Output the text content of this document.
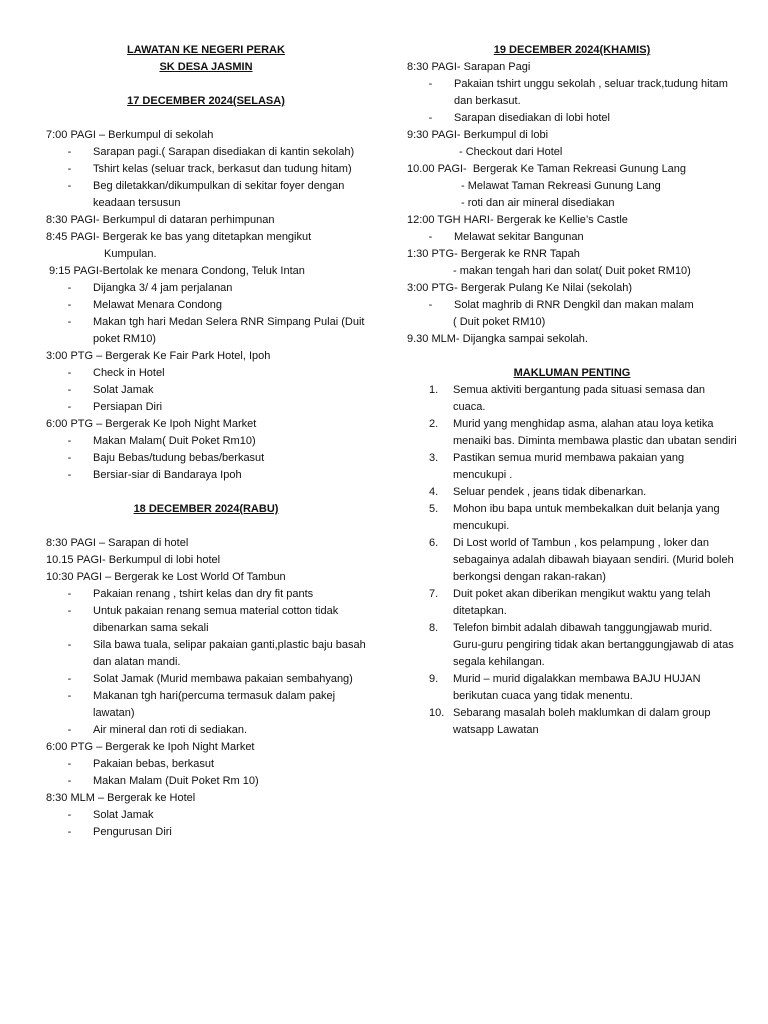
LAWATAN KE NEGERI PERAK
SK DESA JASMIN
17 DECEMBER 2024(SELASA)
7:00 PAGI – Berkumpul di sekolah
-	Sarapan pagi.( Sarapan disediakan di kantin sekolah)
-	Tshirt kelas (seluar track, berkasut dan tudung hitam)
-	Beg diletakkan/dikumpulkan di sekitar foyer dengan keadaan tersusun
8:30 PAGI- Berkumpul di dataran perhimpunan
8:45 PAGI- Bergerak ke bas yang ditetapkan mengikut
Kumpulan.
9:15 PAGI-Bertolak ke menara Condong, Teluk Intan
-	Dijangka 3/ 4 jam perjalanan
-	Melawat Menara Condong
-	Makan tgh hari Medan Selera RNR Simpang Pulai (Duit poket RM10)
3:00 PTG – Bergerak Ke Fair Park Hotel, Ipoh
-	Check in Hotel
-	Solat Jamak
-	Persiapan Diri
6:00 PTG – Bergerak Ke Ipoh Night Market
-	Makan Malam( Duit Poket Rm10)
-	Baju Bebas/tudung bebas/berkasut
-	Bersiar-siar di Bandaraya Ipoh
18 DECEMBER 2024(RABU)
8:30 PAGI – Sarapan di hotel
10.15 PAGI- Berkumpul di lobi hotel
10:30 PAGI – Bergerak ke Lost World Of Tambun
-	Pakaian renang , tshirt kelas dan dry fit pants
-	Untuk pakaian renang semua material cotton tidak dibenarkan sama sekali
-	Sila bawa tuala, selipar pakaian ganti,plastic baju basah dan alatan mandi.
-	Solat Jamak (Murid membawa pakaian sembahyang)
-	Makanan tgh hari(percuma termasuk dalam pakej lawatan)
-	Air mineral dan roti di sediakan.
6:00 PTG – Bergerak ke Ipoh Night Market
-	Pakaian bebas, berkasut
-	Makan Malam (Duit Poket Rm 10)
8:30 MLM – Bergerak ke Hotel
-	Solat Jamak
-	Pengurusan Diri
19 DECEMBER 2024(KHAMIS)
8:30 PAGI- Sarapan Pagi
-	Pakaian tshirt unggu sekolah , seluar track,tudung hitam dan berkasut.
-	Sarapan disediakan di lobi hotel
9:30 PAGI- Berkumpul di lobi
- Checkout dari Hotel
10.00 PAGI-  Bergerak Ke Taman Rekreasi Gunung Lang
- Melawat Taman Rekreasi Gunung Lang
- roti dan air mineral disediakan
12:00 TGH HARI- Bergerak ke Kellie’s Castle
-	Melawat sekitar Bangunan
1:30 PTG- Bergerak ke RNR Tapah
- makan tengah hari dan solat( Duit poket RM10)
3:00 PTG- Bergerak Pulang Ke Nilai (sekolah)
-	Solat maghrib di RNR Dengkil dan makan malam
( Duit poket RM10)
9.30 MLM- Dijangka sampai sekolah.
MAKLUMAN PENTING
1.	Semua aktiviti bergantung pada situasi semasa dan cuaca.
2.	Murid yang menghidap asma, alahan atau loya ketika menaiki bas. Diminta membawa plastic dan ubatan sendiri
3.	Pastikan semua murid membawa pakaian yang mencukupi .
4.	Seluar pendek , jeans tidak dibenarkan.
5.	Mohon ibu bapa untuk membekalkan duit belanja yang mencukupi.
6.	Di Lost world of Tambun , kos pelampung , loker dan sebagainya adalah dibawah biayaan sendiri. (Murid boleh berkongsi dengan rakan-rakan)
7.	Duit poket akan diberikan mengikut waktu yang telah ditetapkan.
8.	Telefon bimbit adalah dibawah tanggungjawab murid. Guru-guru pengiring tidak akan bertanggungjawab di atas segala kehilangan.
9.	Murid – murid digalakkan membawa BAJU HUJAN berikutan cuaca yang tidak menentu.
10. Sebarang masalah boleh maklumkan di dalam group watsapp Lawatan
